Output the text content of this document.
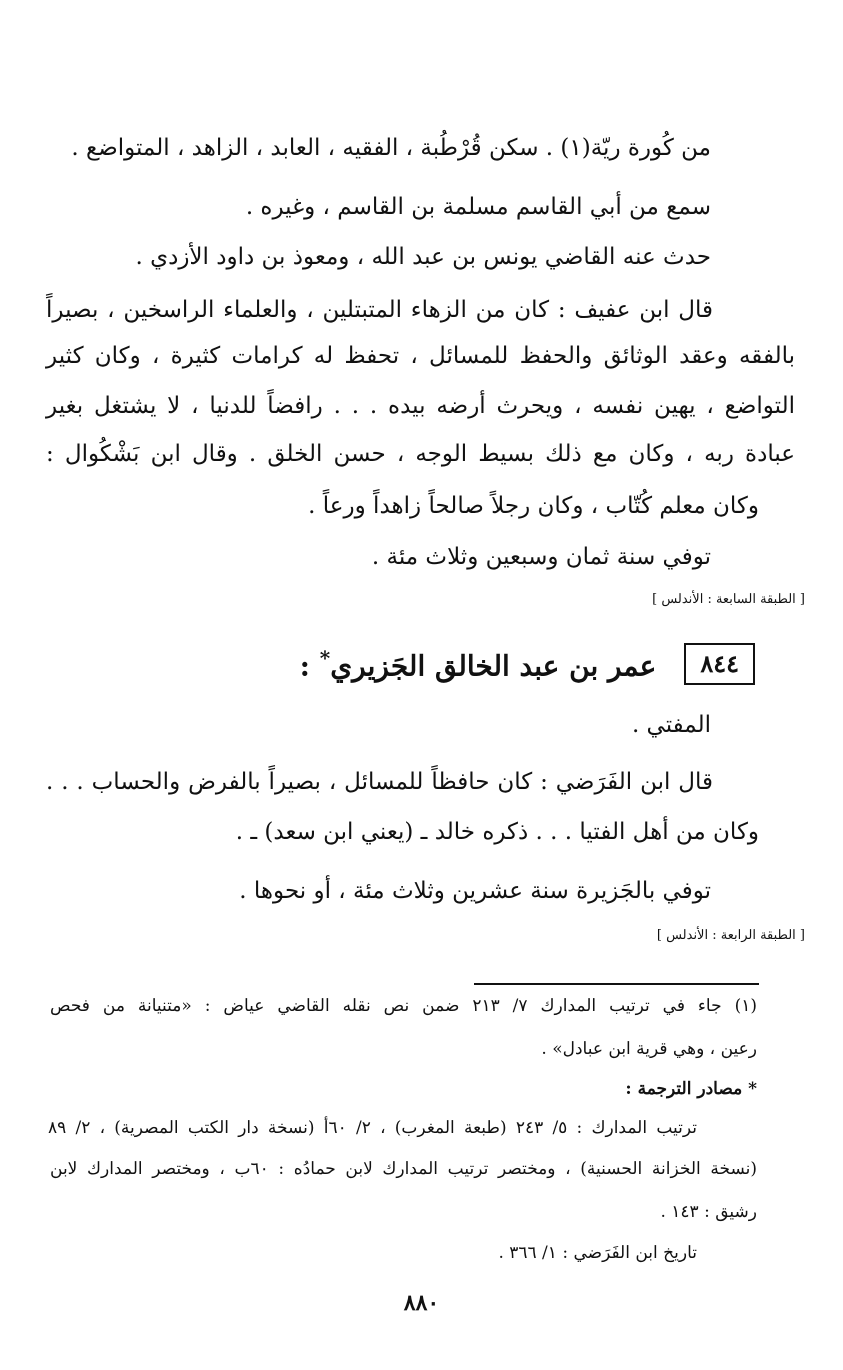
من كُورة ريّة(١) . سكن قُرْطُبة ، الفقيه ، العابد ، الزاهد ، المتواضع .
سمع من أبي القاسم مسلمة بن القاسم ، وغيره .
حدث عنه القاضي يونس بن عبد الله ، ومعوذ بن داود الأزدي .
قال ابن عفيف : كان من الزهاء المتبتلين ، والعلماء الراسخين ، بصيراً
بالفقه وعقد الوثائق والحفظ للمسائل ، تحفظ له كرامات كثيرة ، وكان كثير
التواضع ، يهين نفسه ، ويحرث أرضه بيده . . . رافضاً للدنيا ، لا يشتغل بغير
عبادة ربه ، وكان مع ذلك بسيط الوجه ، حسن الخلق . وقال ابن بَشْكُوال :
وكان معلم كُتّاب ، وكان رجلاً صالحاً زاهداً ورعاً .
توفي سنة ثمان وسبعين وثلاث مئة .
[ الطبقة السابعة : الأندلس ]
٨٤٤
عمر بن عبد الخالق الجَزيري* :
المفتي .
قال ابن الفَرَضي : كان حافظاً للمسائل ، بصيراً بالفرض والحساب . . .
وكان من أهل الفتيا . . . ذكره خالد ـ (يعني ابن سعد) ـ .
توفي بالجَزيرة سنة عشرين وثلاث مئة ، أو نحوها .
[ الطبقة الرابعة : الأندلس ]
(١) جاء في ترتيب المدارك ٧/ ٢١٣ ضمن نص نقله القاضي عياض : «متنيانة من فحص
رعين ، وهي قرية ابن عبادل» .
* مصادر الترجمة :
ترتيب المدارك : ٥/ ٢٤٣ (طبعة المغرب) ، ٢/ ٦٠أ (نسخة دار الكتب المصرية) ، ٢/ ٨٩
(نسخة الخزانة الحسنية) ، ومختصر ترتيب المدارك لابن حمادُه : ٦٠ب ، ومختصر المدارك لابن
رشيق : ١٤٣ .
تاريخ ابن الفَرَضي : ١/ ٣٦٦ .
٨٨٠
